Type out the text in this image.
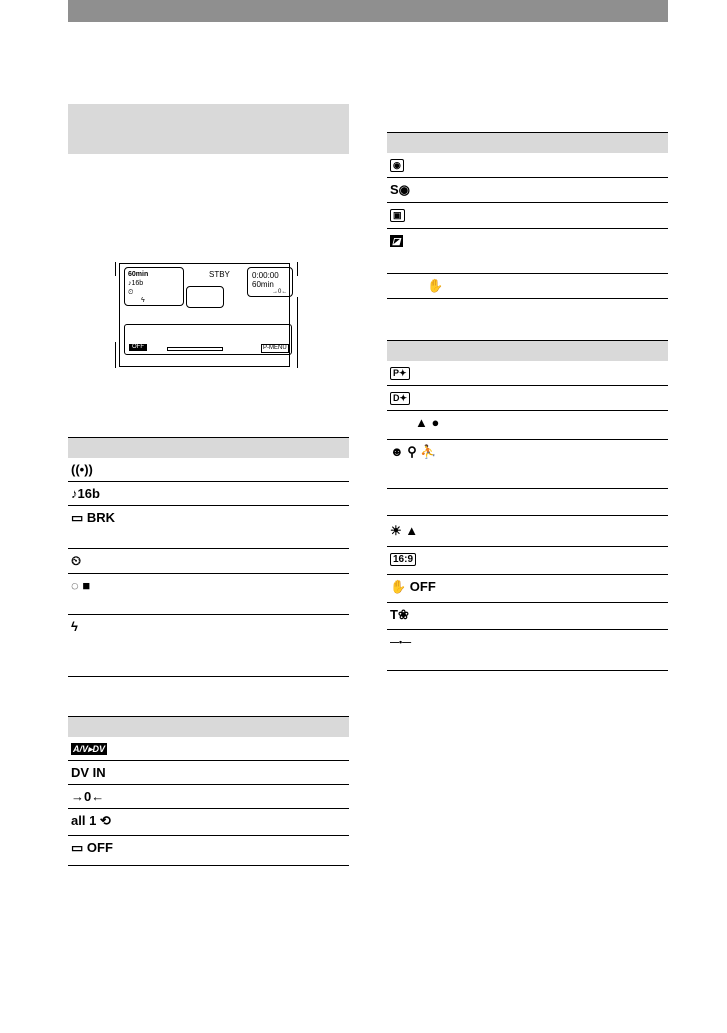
60min
♪16b
⏲
ϟ
STBY	0:00:00
60min
→0←
OFF	P-MENU
((•))
♪16b
▭ BRK
⏲
◌ ■
ϟ
A/V▸DV
DV IN
→0←
all 1 ⟲
▭ OFF
◉
S◉
▣
◪
✋
P✦
D✦
▲ ●
☻ ⚲ ⛹
☀ ▲
16:9
✋ OFF
T❀
—•—
